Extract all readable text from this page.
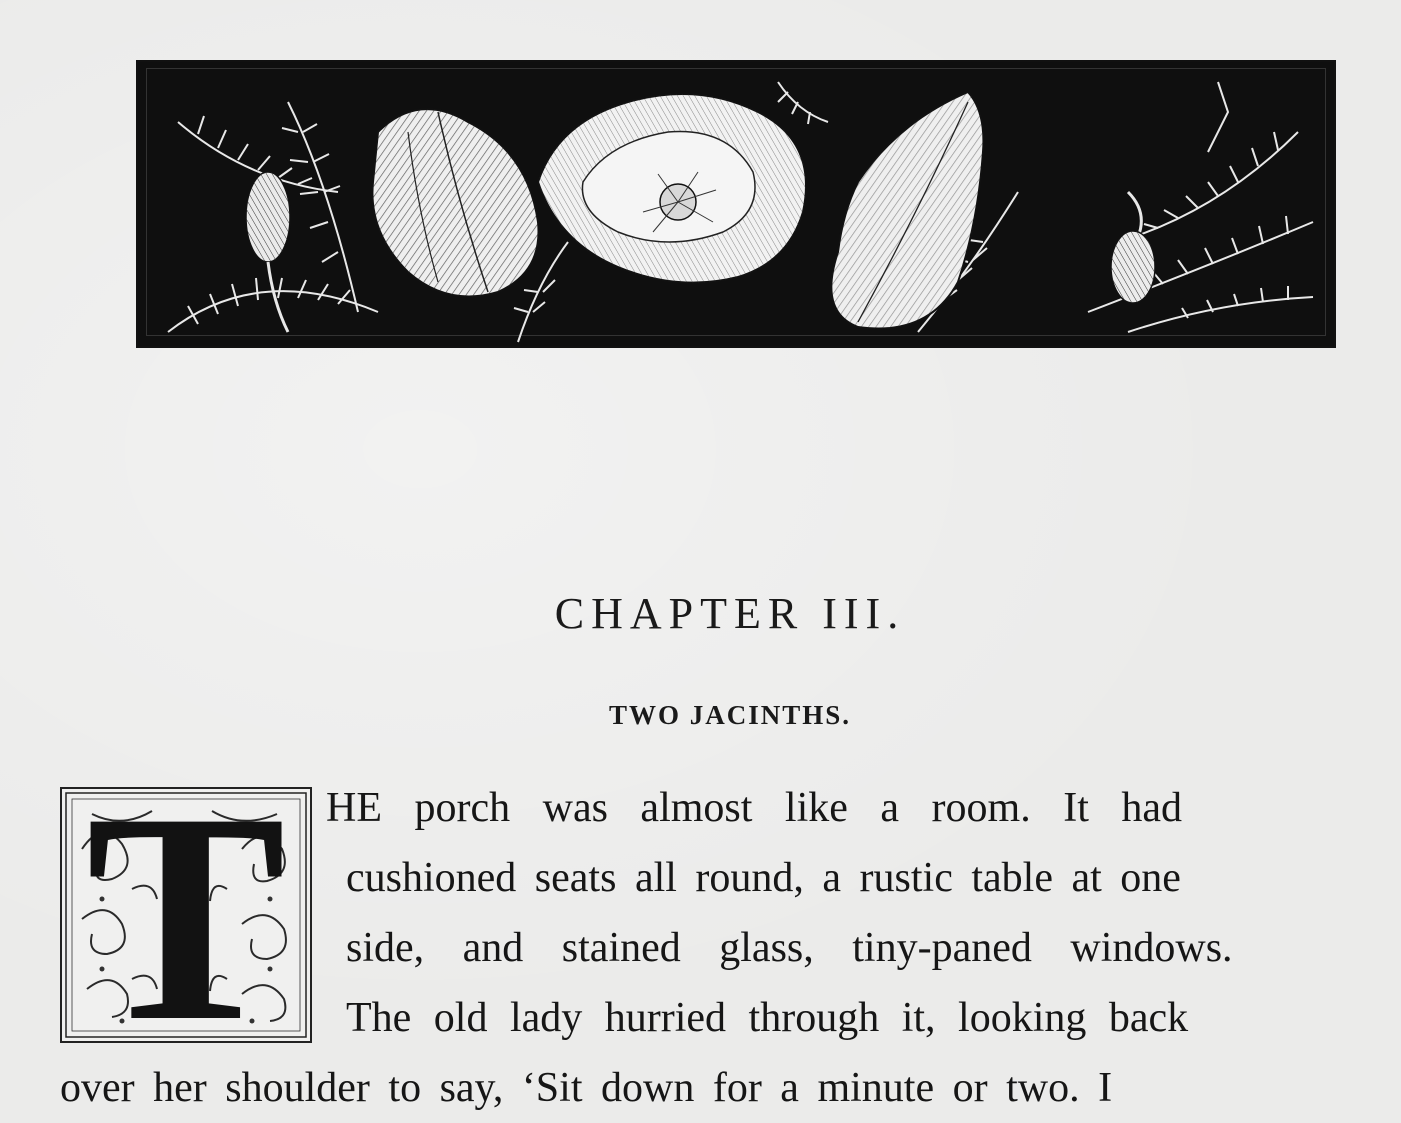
CHAPTER III.
TWO JACINTHS.
T HE porch was almost like a room. It had
cushioned seats all round, a rustic table at one
side, and stained glass, tiny-paned windows.
The old lady hurried through it, looking back
over her shoulder to say, ‘Sit down for a minute or two. I
